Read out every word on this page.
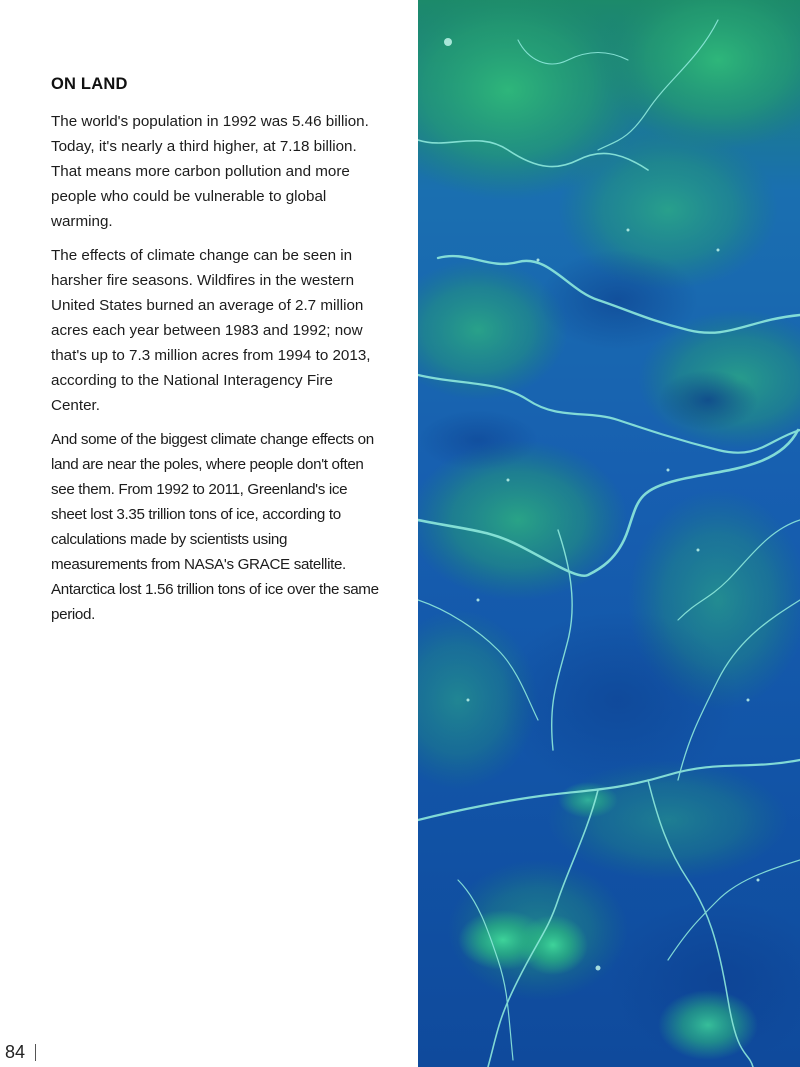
ON LAND

The world's population in 1992 was 5.46 billion. Today, it's nearly a third higher, at 7.18 billion. That means more carbon pollution and more people who could be vulnerable to global warming.

The effects of climate change can be seen in harsher fire seasons. Wildfires in the western United States burned an average of 2.7 million acres each year between 1983 and 1992; now that's up to 7.3 million acres from 1994 to 2013, according to the National Interagency Fire Center.

And some of the biggest climate change effects on land are near the poles, where people don't often see them. From 1992 to 2011, Greenland's ice sheet lost 3.35 trillion tons of ice, according to calculations made by scientists using measurements from NASA's GRACE satellite. Antarctica lost 1.56 trillion tons of ice over the same period.

84
